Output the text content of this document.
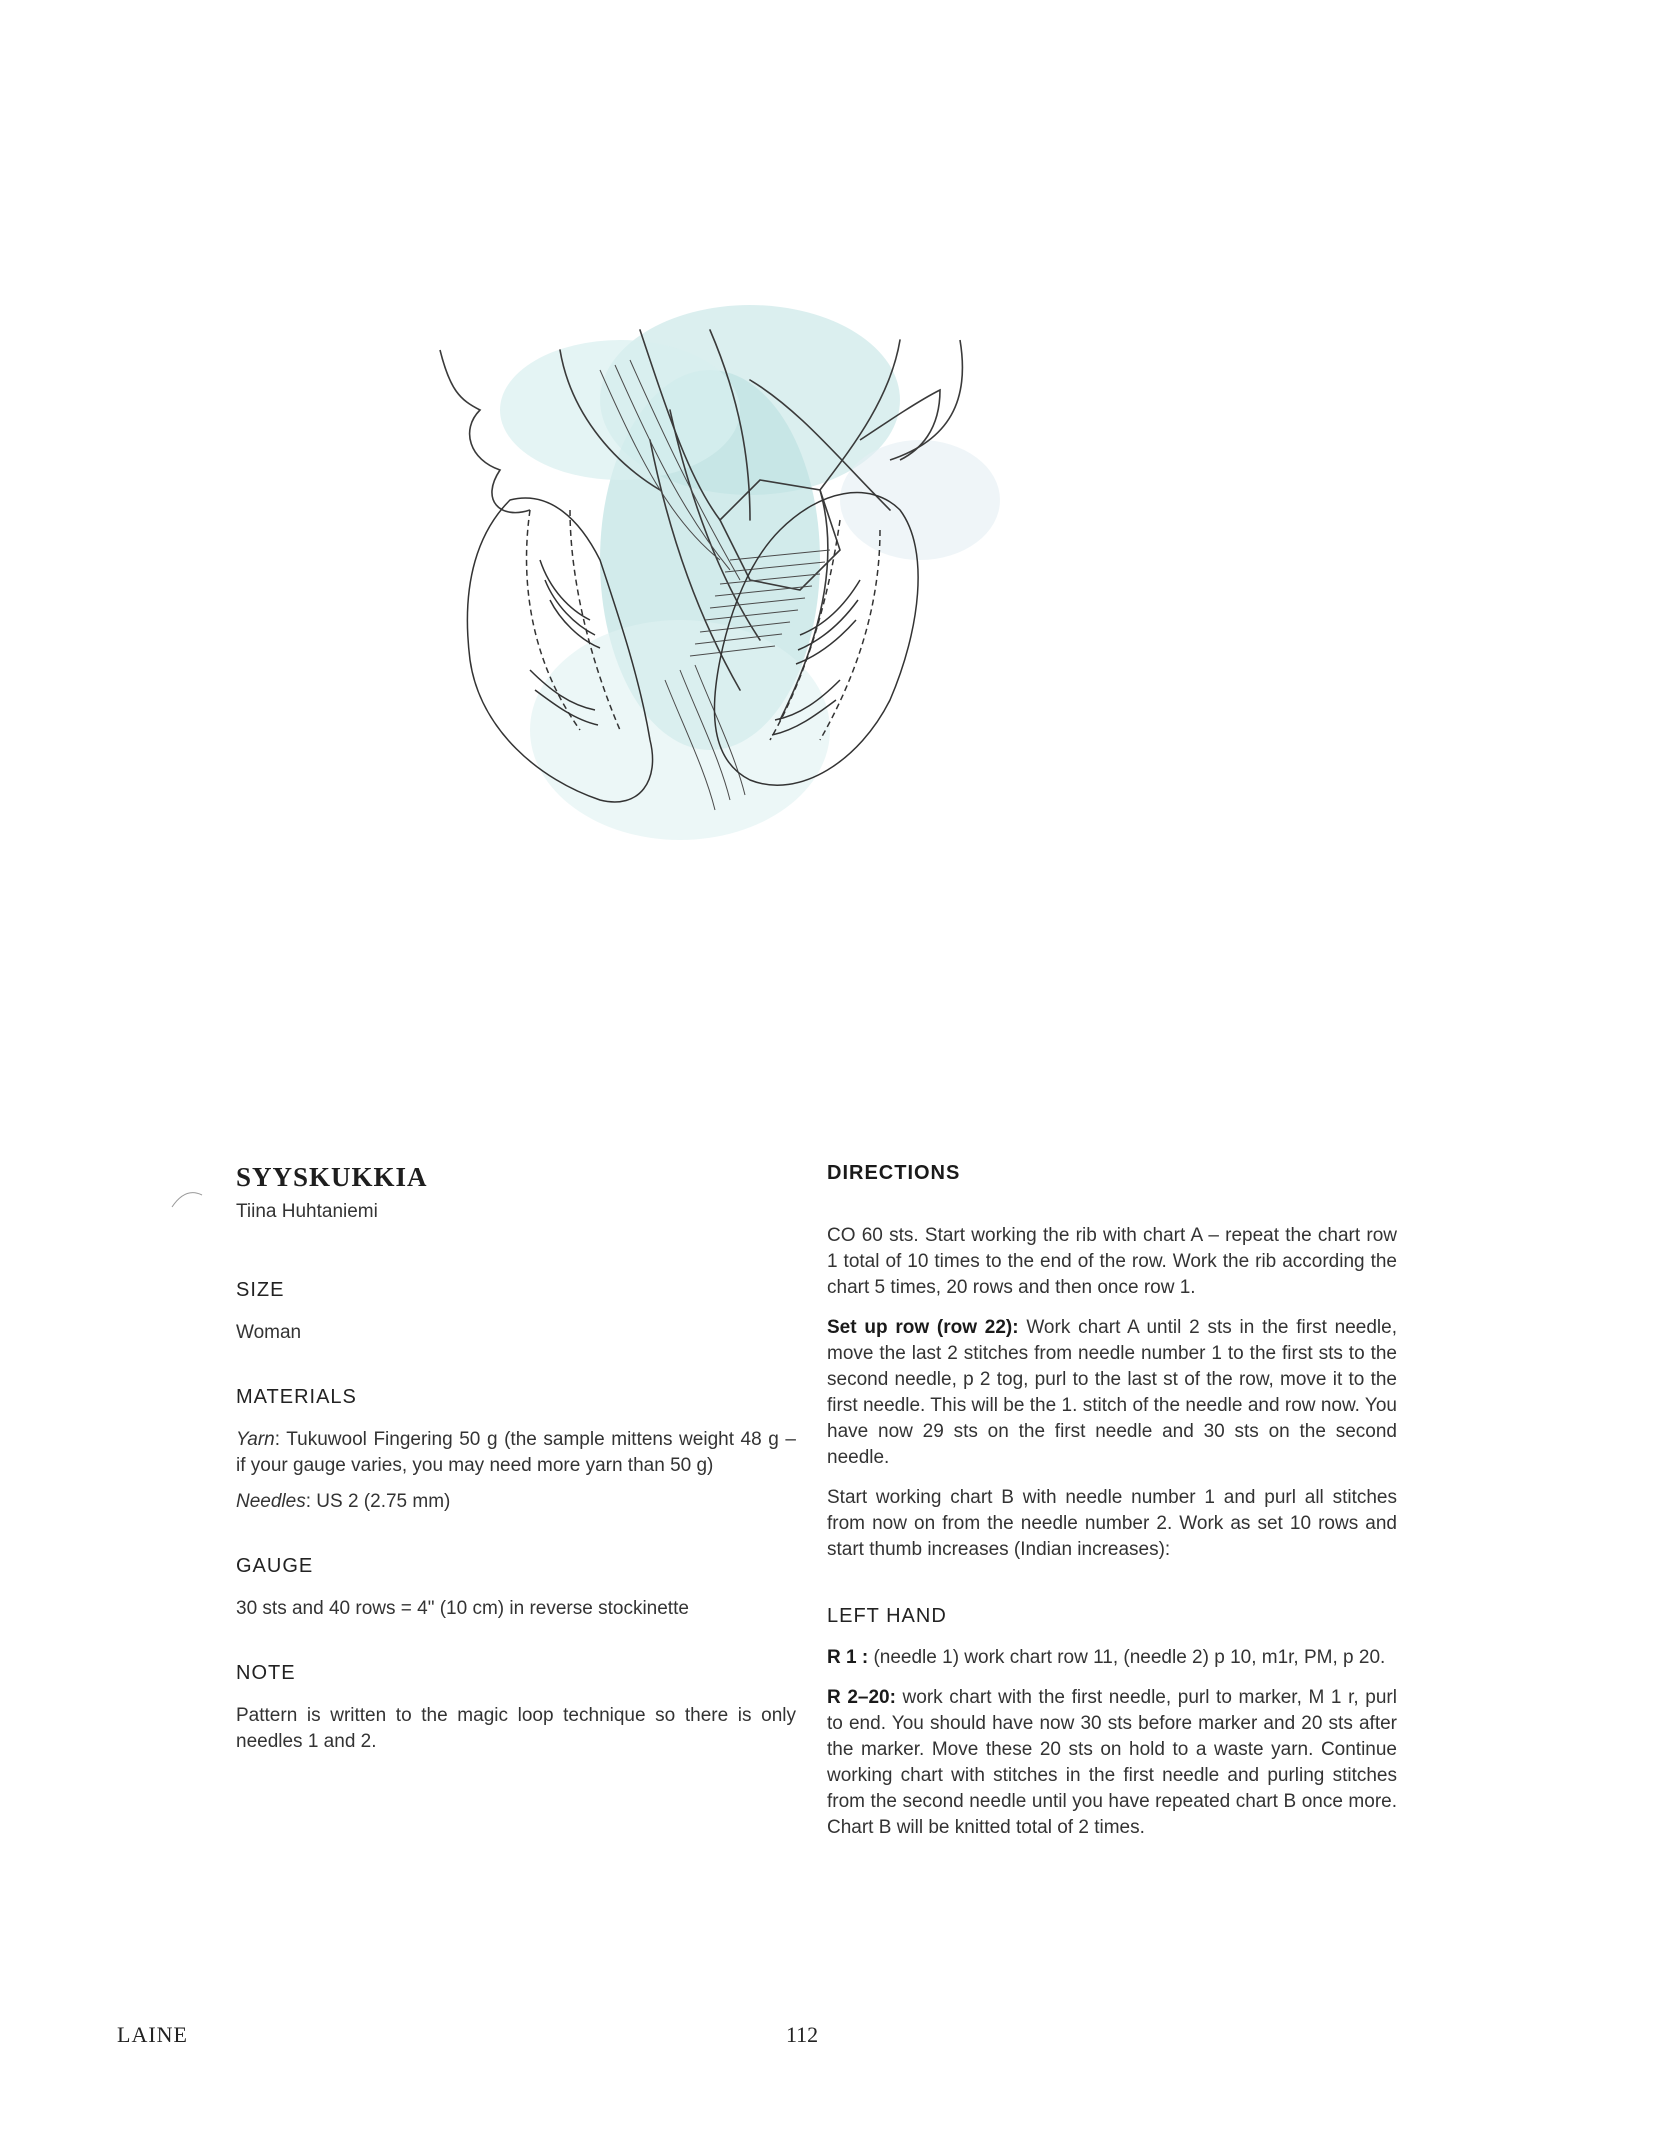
SYYSKUKKIA
Tiina Huhtaniemi
SIZE

Woman

MATERIALS

Yarn: Tukuwool Fingering 50 g (the sample mittens weight 48 g – if your gauge varies, you may need more yarn than 50 g)

Needles: US 2 (2.75 mm)

GAUGE

30 sts and 40 rows = 4" (10 cm) in reverse stockinette

NOTE

Pattern is written to the magic loop technique so there is only needles 1 and 2.

DIRECTIONS

CO 60 sts. Start working the rib with chart A – repeat the chart row 1 total of 10 times to the end of the row. Work the rib according the chart 5 times, 20 rows and then once row 1.

Set up row (row 22): Work chart A until 2 sts in the first needle, move the last 2 stitches from needle number 1 to the first sts to the second needle, p 2 tog, purl to the last st of the row, move it to the first needle. This will be the 1. stitch of the needle and row now. You have now 29 sts on the first needle and 30 sts on the second needle.

Start working chart B with needle number 1 and purl all stitches from now on from the needle number 2. Work as set 10 rows and start thumb increases (Indian increases):

LEFT HAND

R 1 : (needle 1) work chart row 11, (needle 2) p 10, m1r, PM, p 20.

R 2–20: work chart with the first needle, purl to marker, M 1 r, purl to end. You should have now 30 sts before marker and 20 sts after the marker. Move these 20 sts on hold to a waste yarn. Continue working chart with stitches in the first needle and purling stitches from the second needle until you have repeated chart B once more. Chart B will be knitted total of 2 times.

LAINE	112
